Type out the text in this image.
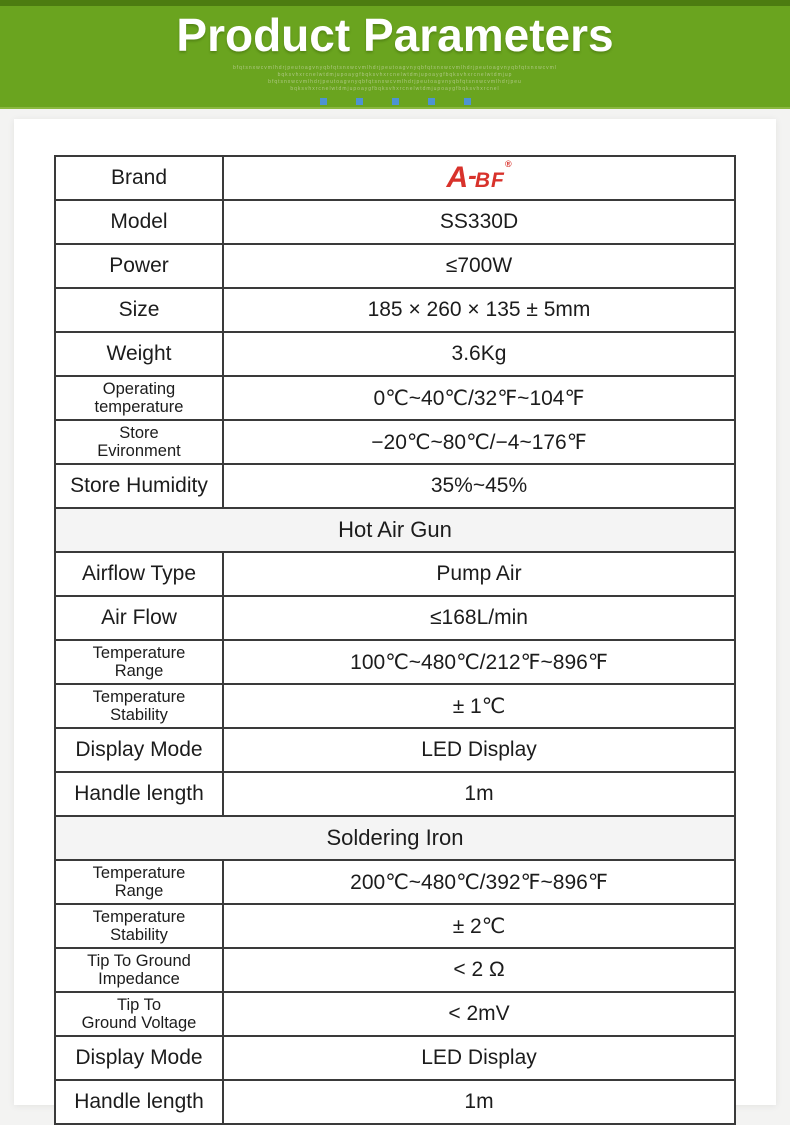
Product Parameters
bfqtsnxwcvmlhdrjpeutoagvnyqbfqtsnxwcvmlhdrjpeutoagvnyqbfqtsnxwcvmlhdrjpeutoagvnyqbfqtsnxwcvml
bqksvhxrcnelwtdmjupoaygfbqksvhxrcnelwtdmjupoaygfbqksvhxrcnelwtdmjup
bfqtsnxwcvmlhdrjpeutoagvnyqbfqtsnxwcvmlhdrjpeutoagvnyqbfqtsnxwcvmlhdrjpeu
bqksvhxrcnelwtdmjupoaygfbqksvhxrcnelwtdmjupoaygfbqksvhxrcnel
Brand	A-BF®
Model	SS330D
Power	≤700W
Size	185 × 260 × 135 ± 5mm
Weight	3.6Kg
Operating
temperature	0℃~40℃/32℉~104℉
Store
Evironment	−20℃~80℃/−4~176℉
Store Humidity	35%~45%
Hot Air Gun	
Airflow Type	Pump Air
Air Flow	≤168L/min
Temperature
Range	100℃~480℃/212℉~896℉
Temperature
Stability	± 1℃
Display Mode	LED Display
Handle length	1m
Soldering Iron	
Temperature
Range	200℃~480℃/392℉~896℉
Temperature
Stability	± 2℃
Tip To Ground
Impedance	< 2 Ω
Tip To
Ground Voltage	< 2mV
Display Mode	LED Display
Handle length	1m
